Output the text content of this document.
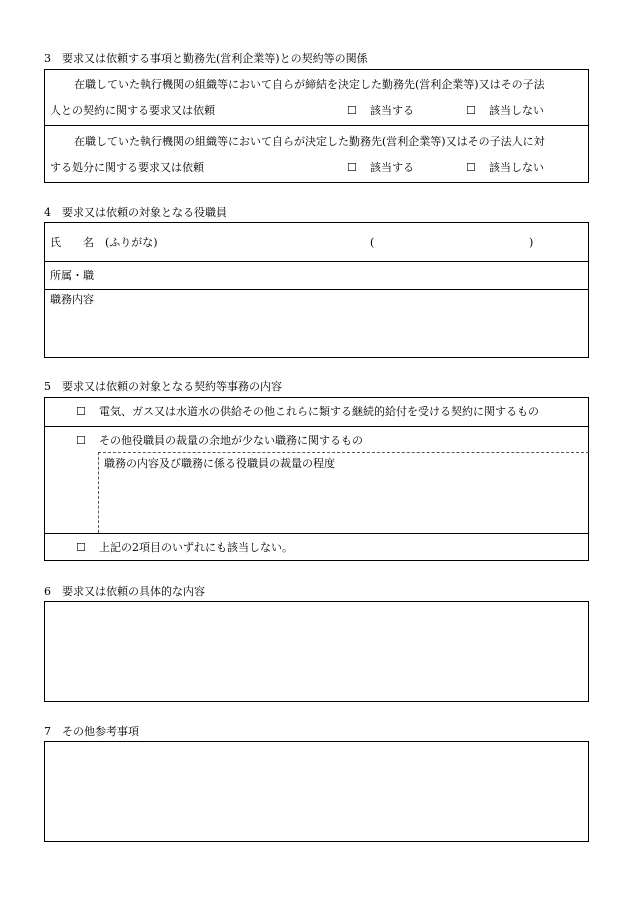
3　要求又は依頼する事項と勤務先(営利企業等)との契約等の関係
在職していた執行機関の組織等において自らが締結を決定した勤務先(営利企業等)又はその子法
人との契約に関する要求又は依頼	☐ 該当する	☐ 該当しない
在職していた執行機関の組織等において自らが決定した勤務先(営利企業等)又はその子法人に対
する処分に関する要求又は依頼	☐ 該当する	☐ 該当しない
4　要求又は依頼の対象となる役職員
氏　　名　(ふりがな)	(	)
所属・職
職務内容
5　要求又は依頼の対象となる契約等事務の内容
☐ 電気、ガス又は水道水の供給その他これらに類する継続的給付を受ける契約に関するもの
☐ その他役職員の裁量の余地が少ない職務に関するもの
職務の内容及び職務に係る役職員の裁量の程度
☐ 上記の2項目のいずれにも該当しない。
6　要求又は依頼の具体的な内容
7　その他参考事項
